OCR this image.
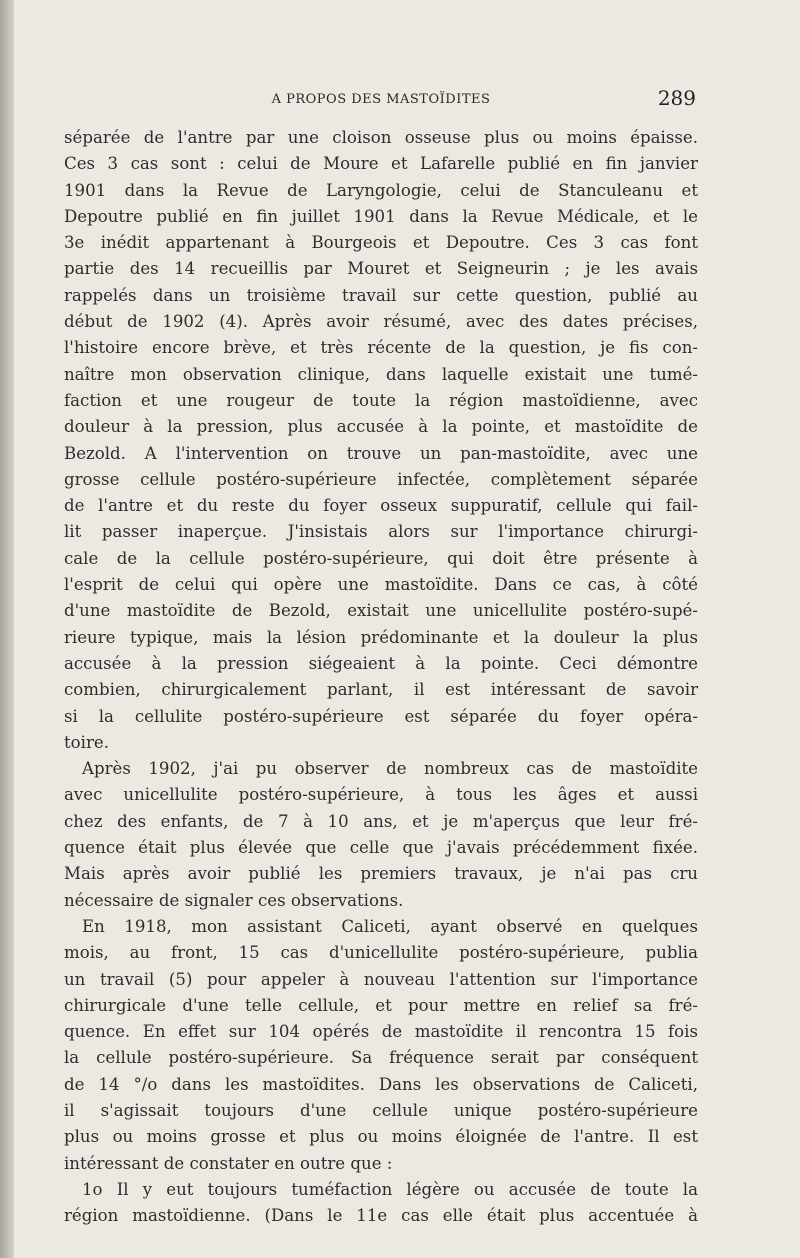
A PROPOS DES MASTOÏDITES	289
séparée de l'antre par une cloison osseuse plus ou moins épaisse.
Ces 3 cas sont : celui de Moure et Lafarelle publié en fin janvier
1901 dans la Revue de Laryngologie, celui de Stanculeanu et
Depoutre publié en fin juillet 1901 dans la Revue Médicale, et le
3e inédit appartenant à Bourgeois et Depoutre. Ces 3 cas font
partie des 14 recueillis par Mouret et Seigneurin ; je les avais
rappelés dans un troisième travail sur cette question, publié au
début de 1902 (4). Après avoir résumé, avec des dates précises,
l'histoire encore brève, et très récente de la question, je fis con-
naître mon observation clinique, dans laquelle existait une tumé-
faction et une rougeur de toute la région mastoïdienne, avec
douleur à la pression, plus accusée à la pointe, et mastoïdite de
Bezold. A l'intervention on trouve un pan-mastoïdite, avec une
grosse cellule postéro-supérieure infectée, complètement séparée
de l'antre et du reste du foyer osseux suppuratif, cellule qui fail-
lit passer inaperçue. J'insistais alors sur l'importance chirurgi-
cale de la cellule postéro-supérieure, qui doit être présente à
l'esprit de celui qui opère une mastoïdite. Dans ce cas, à côté
d'une mastoïdite de Bezold, existait une unicellulite postéro-supé-
rieure typique, mais la lésion prédominante et la douleur la plus
accusée à la pression siégeaient à la pointe. Ceci démontre
combien, chirurgicalement parlant, il est intéressant de savoir
si la cellulite postéro-supérieure est séparée du foyer opéra-
toire.
Après 1902, j'ai pu observer de nombreux cas de mastoïdite
avec unicellulite postéro-supérieure, à tous les âges et aussi
chez des enfants, de 7 à 10 ans, et je m'aperçus que leur fré-
quence était plus élevée que celle que j'avais précédemment fixée.
Mais après avoir publié les premiers travaux, je n'ai pas cru
nécessaire de signaler ces observations.
En 1918, mon assistant Caliceti, ayant observé en quelques
mois, au front, 15 cas d'unicellulite postéro-supérieure, publia
un travail (5) pour appeler à nouveau l'attention sur l'importance
chirurgicale d'une telle cellule, et pour mettre en relief sa fré-
quence. En effet sur 104 opérés de mastoïdite il rencontra 15 fois
la cellule postéro-supérieure. Sa fréquence serait par conséquent
de 14 °/o dans les mastoïdites. Dans les observations de Caliceti,
il s'agissait toujours d'une cellule unique postéro-supérieure
plus ou moins grosse et plus ou moins éloignée de l'antre. Il est
intéressant de constater en outre que :
1o Il y eut toujours tuméfaction légère ou accusée de toute la
région mastoïdienne. (Dans le 11e cas elle était plus accentuée à
